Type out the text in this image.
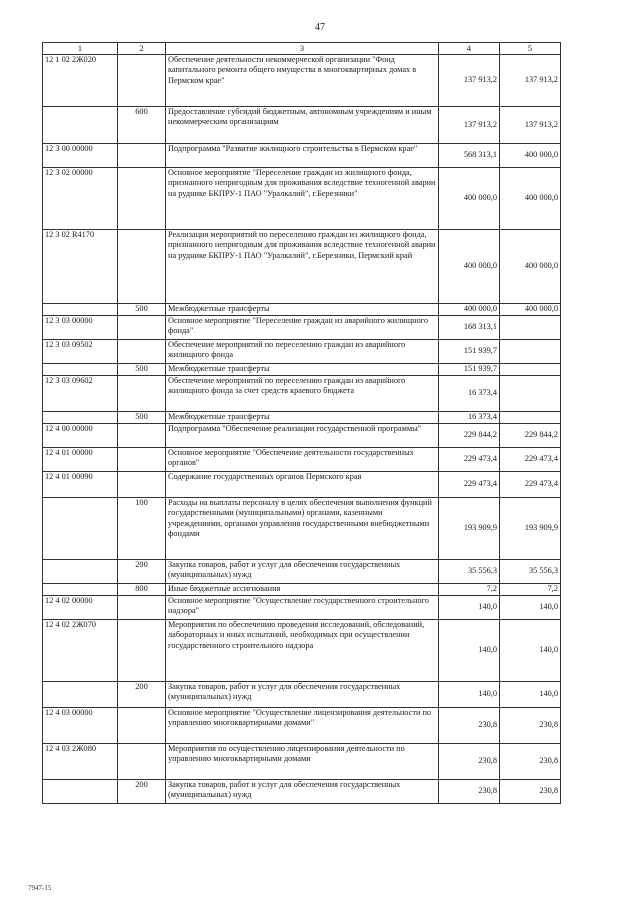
47
1	2	3	4	5
12 1 02 2Ж020		Обеспечение деятельности некоммерческой организации "Фонд капитального ремонта общего имущества в многоквартирных домах в Пермском крае"	137 913,2	137 913,2
	600	Предоставление субсидий бюджетным, автономным учреждениям и иным некоммерческим организациям	137 913,2	137 913,2
12 3 00 00000		Подпрограмма "Развитие жилищного строительства в Пермском крае"	568 313,1	400 000,0
12 3 02 00000		Основное мероприятие "Переселение граждан из жилищного фонда, признанного непригодным для проживания вследствие техногенной аварии на руднике БКПРУ-1 ПАО "Уралкалий", г.Березники"	400 000,0	400 000,0
12 3 02 R4170		Реализация мероприятий по переселению граждан из жилищного фонда, признанного непригодным для проживания вследствие техногенной аварии на руднике БКПРУ-1 ПАО "Уралкалий", г.Березники, Пермский край	400 000,0	400 000,0
	500	Межбюджетные трансферты	400 000,0	400 000,0
12 3 03 00000		Основное мероприятие "Переселение граждан из аварийного жилищного фонда"	168 313,1	
12 3 03 09502		Обеспечение мероприятий по переселению граждан из аварийного жилищного фонда	151 939,7	
	500	Межбюджетные трансферты	151 939,7	
12 3 03 09602		Обеспечение мероприятий по переселению граждан из аварийного жилищного фонда за счет средств краевого бюджета	16 373,4	
	500	Межбюджетные трансферты	16 373,4	
12 4 00 00000		Подпрограмма "Обеспечение реализации государственной программы"	229 844,2	229 844,2
12 4 01 00000		Основное мероприятие "Обеспечение деятельности государственных органов"	229 473,4	229 473,4
12 4 01 00090		Содержание государственных органов Пермского края	229 473,4	229 473,4
	100	Расходы на выплаты персоналу в целях обеспечения выполнения функций государственными (муниципальными) органами, казенными учреждениями, органами управления государственными внебюджетными фондами	193 909,9	193 909,9
	200	Закупка товаров, работ и услуг для обеспечения государственных (муниципальных) нужд	35 556,3	35 556,3
	800	Иные бюджетные ассигнования	7,2	7,2
12 4 02 00000		Основное мероприятие "Осуществление государственного строительного надзора"	140,0	140,0
12 4 02 2Ж070		Мероприятия по обеспечению проведения исследований, обследований, лабораторных и иных испытаний, необходимых при осуществлении государственного строительного надзора	140,0	140,0
	200	Закупка товаров, работ и услуг для обеспечения государственных (муниципальных) нужд	140,0	140,0
12 4 03 00000		Основное мероприятие "Осуществление лицензирования деятельности по управлению многоквартирными домами"	230,8	230,8
12 4 03 2Ж080		Мероприятия по осуществлению лицензирования деятельности по управлению многоквартирными домами	230,8	230,8
	200	Закупка товаров, работ и услуг для обеспечения государственных (муниципальных) нужд	230,8	230,8
7947-15
